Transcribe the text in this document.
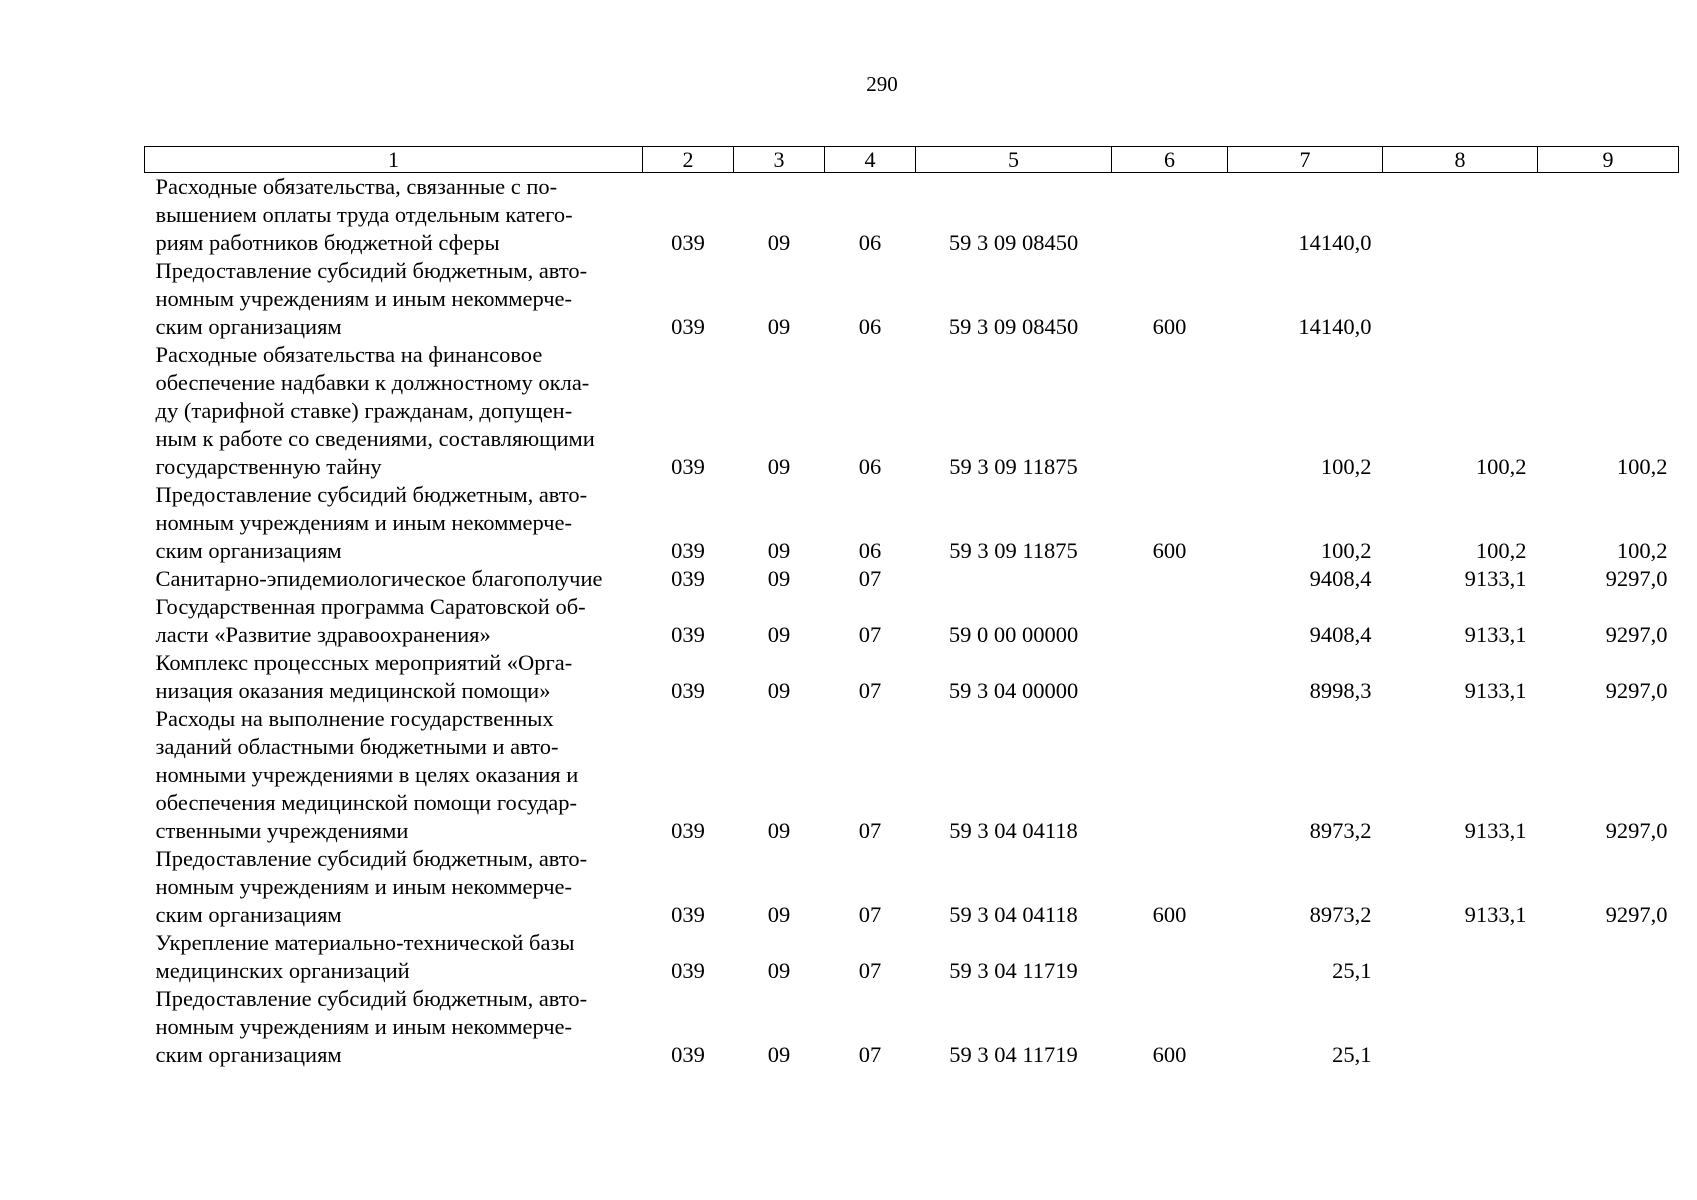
290
1	2	3	4	5	6	7	8	9
Расходные обязательства, связанные с по-
вышением оплаты труда отдельным катего-
риям работников бюджетной сферы	039	09	06	59 3 09 08450		14140,0		
Предоставление субсидий бюджетным, авто-
номным учреждениям и иным некоммерче-
ским организациям	039	09	06	59 3 09 08450	600	14140,0		
Расходные обязательства на финансовое
обеспечение надбавки к должностному окла-
ду (тарифной ставке) гражданам, допущен-
ным к работе со сведениями, составляющими
государственную тайну	039	09	06	59 3 09 11875		100,2	100,2	100,2
Предоставление субсидий бюджетным, авто-
номным учреждениям и иным некоммерче-
ским организациям	039	09	06	59 3 09 11875	600	100,2	100,2	100,2
Санитарно-эпидемиологическое благополучие	039	09	07			9408,4	9133,1	9297,0
Государственная программа Саратовской об-
ласти «Развитие здравоохранения»	039	09	07	59 0 00 00000		9408,4	9133,1	9297,0
Комплекс процессных мероприятий «Орга-
низация оказания медицинской помощи»	039	09	07	59 3 04 00000		8998,3	9133,1	9297,0
Расходы на выполнение государственных
заданий областными бюджетными и авто-
номными учреждениями в целях оказания и
обеспечения медицинской помощи государ-
ственными учреждениями	039	09	07	59 3 04 04118		8973,2	9133,1	9297,0
Предоставление субсидий бюджетным, авто-
номным учреждениям и иным некоммерче-
ским организациям	039	09	07	59 3 04 04118	600	8973,2	9133,1	9297,0
Укрепление материально-технической базы
медицинских организаций	039	09	07	59 3 04 11719		25,1		
Предоставление субсидий бюджетным, авто-
номным учреждениям и иным некоммерче-
ским организациям	039	09	07	59 3 04 11719	600	25,1		
